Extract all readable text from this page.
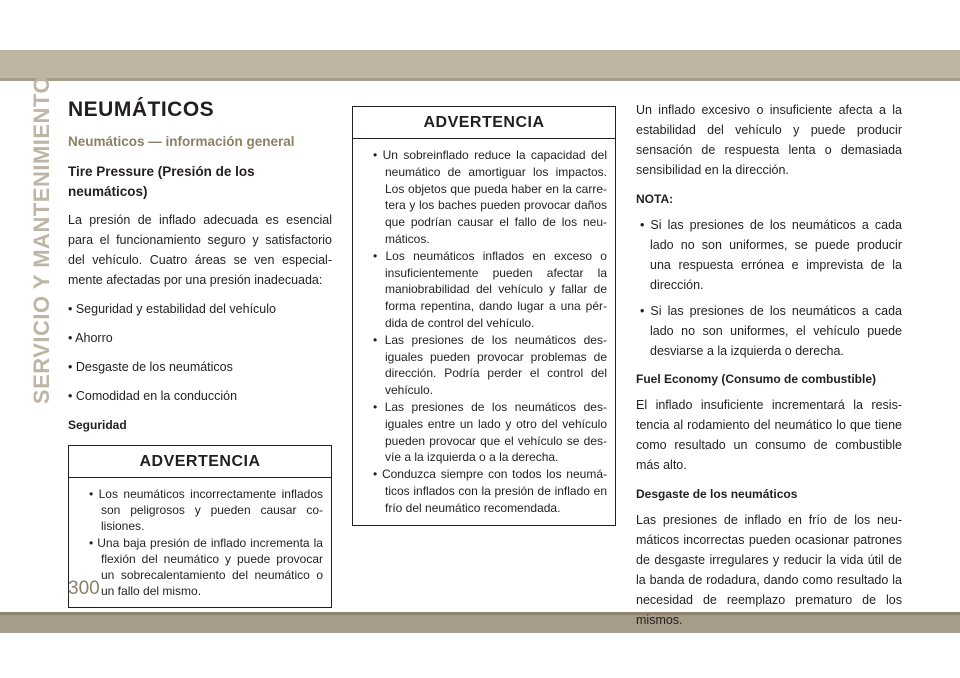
SERVICIO Y MANTENIMIENTO
300
NEUMÁTICOS
Neumáticos — información general
Tire Pressure (Presión de los neumáticos)

La presión de inflado adecuada es esencial para el funcionamiento seguro y satisfactorio del vehículo. Cuatro áreas se ven especialmente afectadas por una presión inadecuada:

• Seguridad y estabilidad del vehículo

• Ahorro

• Desgaste de los neumáticos

• Comodidad en la conducción

Seguridad
ADVERTENCIA
• Los neumáticos incorrectamente inflados son peligrosos y pueden causar colisiones.
• Una baja presión de inflado incrementa la flexión del neumático y puede provocar un sobrecalentamiento del neumático o un fallo del mismo.
ADVERTENCIA
• Un sobreinflado reduce la capacidad del neumático de amortiguar los impactos. Los objetos que pueda haber en la carretera y los baches pueden provocar daños que podrían causar el fallo de los neumáticos.
• Los neumáticos inflados en exceso o insuficientemente pueden afectar la maniobrabilidad del vehículo y fallar de forma repentina, dando lugar a una pérdida de control del vehículo.
• Las presiones de los neumáticos desiguales pueden provocar problemas de dirección. Podría perder el control del vehículo.
• Las presiones de los neumáticos desiguales entre un lado y otro del vehículo pueden provocar que el vehículo se desvíe a la izquierda o a la derecha.
• Conduzca siempre con todos los neumáticos inflados con la presión de inflado en frío del neumático recomendada.

Un inflado excesivo o insuficiente afecta a la estabilidad del vehículo y puede producir sensación de respuesta lenta o demasiada sensibilidad en la dirección.

NOTA:
• Si las presiones de los neumáticos a cada lado no son uniformes, se puede producir una respuesta errónea e imprevista de la dirección.
• Si las presiones de los neumáticos a cada lado no son uniformes, el vehículo puede desviarse a la izquierda o derecha.
Fuel Economy (Consumo de combustible)

El inflado insuficiente incrementará la resistencia al rodamiento del neumático lo que tiene como resultado un consumo de combustible más alto.

Desgaste de los neumáticos

Las presiones de inflado en frío de los neumáticos incorrectas pueden ocasionar patrones de desgaste irregulares y reducir la vida útil de la banda de rodadura, dando como resultado la necesidad de reemplazo prematuro de los mismos.
